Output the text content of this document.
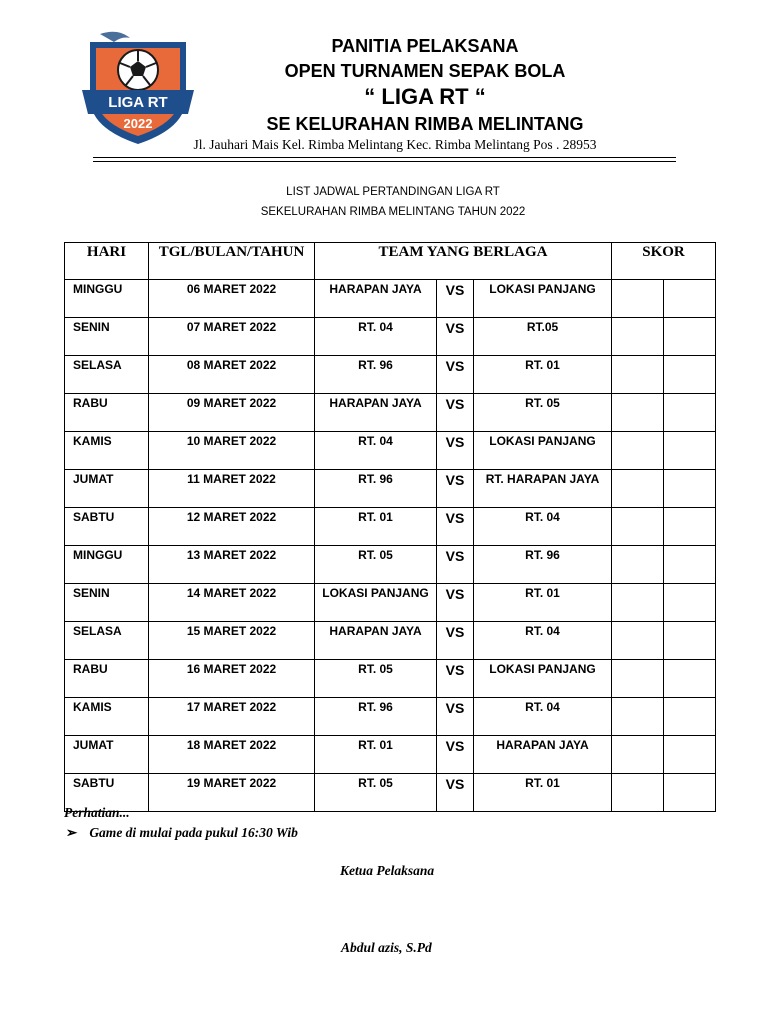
LIGA RT
2022
PANITIA PELAKSANA
OPEN TURNAMEN SEPAK BOLA
“ LIGA RT “
SE KELURAHAN RIMBA MELINTANG
Jl. Jauhari Mais Kel. Rimba Melintang Kec. Rimba Melintang Pos . 28953
LIST JADWAL PERTANDINGAN LIGA RT
SEKELURAHAN RIMBA MELINTANG TAHUN 2022
HARI	TGL/BULAN/TAHUN	TEAM YANG BERLAGA			SKOR	
MINGGU	06 MARET 2022	HARAPAN JAYA	VS	LOKASI PANJANG		
SENIN	07 MARET 2022	RT. 04	VS	RT.05		
SELASA	08 MARET 2022	RT. 96	VS	RT. 01		
RABU	09 MARET 2022	HARAPAN JAYA	VS	RT. 05		
KAMIS	10 MARET 2022	RT. 04	VS	LOKASI PANJANG		
JUMAT	11 MARET 2022	RT. 96	VS	RT. HARAPAN JAYA		
SABTU	12 MARET 2022	RT. 01	VS	RT. 04		
MINGGU	13 MARET 2022	RT. 05	VS	RT. 96		
SENIN	14 MARET 2022	LOKASI PANJANG	VS	RT. 01		
SELASA	15 MARET 2022	HARAPAN JAYA	VS	RT. 04		
RABU	16 MARET 2022	RT. 05	VS	LOKASI PANJANG		
KAMIS	17 MARET 2022	RT. 96	VS	RT. 04		
JUMAT	18 MARET 2022	RT. 01	VS	HARAPAN JAYA		
SABTU	19 MARET 2022	RT. 05	VS	RT. 01		
Perhatian...
➢ Game di mulai pada pukul 16:30 Wib
Ketua Pelaksana
Abdul azis, S.Pd
